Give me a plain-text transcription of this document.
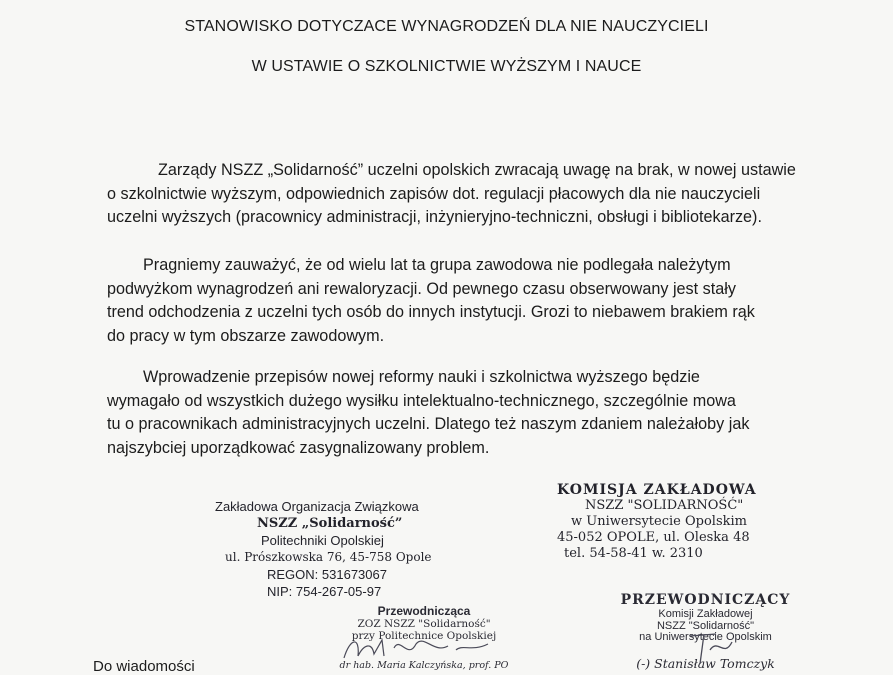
STANOWISKO DOTYCZACE WYNAGRODZEŃ DLA NIE NAUCZYCIELI
W USTAWIE O SZKOLNICTWIE WYŻSZYM I NAUCE
Zarządy NSZZ „Solidarność” uczelni opolskich zwracają uwagę na brak, w nowej ustawie
o szkolnictwie wyższym, odpowiednich zapisów dot. regulacji płacowych dla nie nauczycieli
uczelni wyższych (pracownicy administracji, inżynieryjno-techniczni, obsługi i bibliotekarze).
Pragniemy zauważyć, że od wielu lat ta grupa zawodowa nie podlegała należytym
podwyżkom wynagrodzeń ani rewaloryzacji. Od pewnego czasu obserwowany jest stały
trend odchodzenia z uczelni tych osób do innych instytucji. Grozi to niebawem brakiem rąk
do pracy w tym obszarze zawodowym.
Wprowadzenie przepisów nowej reformy nauki i szkolnictwa wyższego będzie
wymagało od wszystkich dużego wysiłku intelektualno-technicznego, szczególnie mowa
tu o pracownikach administracyjnych uczelni. Dlatego też naszym zdaniem należałoby jak
najszybciej uporządkować zasygnalizowany problem.
Zakładowa Organizacja Związkowa
NSZZ „Solidarność”
Politechniki Opolskiej
ul. Prószkowska 76, 45-758 Opole
REGON: 531673067
NIP: 754-267-05-97
KOMISJA ZAKŁADOWA
NSZZ "SOLIDARNOŚĆ"
w Uniwersytecie Opolskim
45-052 OPOLE, ul. Oleska 48
tel. 54-58-41 w. 2310
Przewodnicząca
ZOZ NSZZ "Solidarność"
przy Politechnice Opolskiej
dr hab. Maria Kalczyńska, prof. PO
PRZEWODNICZĄCY
Komisji Zakładowej
NSZZ "Solidarność"
na Uniwersytecie Opolskim
(-) Stanisław Tomczyk
Do wiadomości
